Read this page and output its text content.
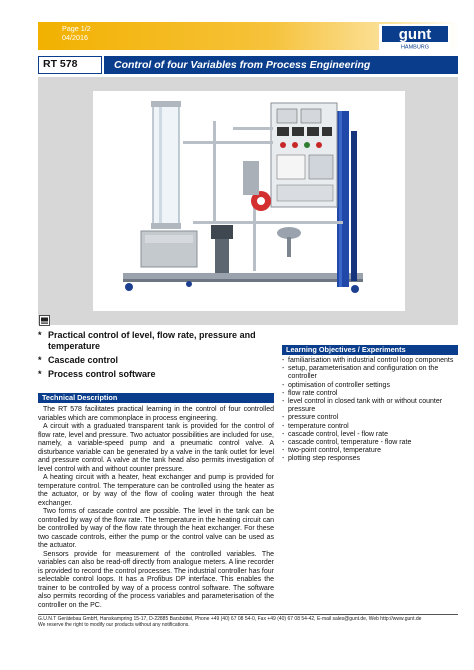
Page 1/2
04/2016	gunt
HAMBURG
RT 578	Control of four Variables from Process Engineering
* Practical control of level, flow rate, pressure and temperature
* Cascade control
* Process control software
Technical Description

The RT 578 facilitates practical learning in the control of four controlled variables which are commonplace in process engineering.

A circuit with a graduated transparent tank is provided for the control of flow rate, level and pressure. Two actuator possibilities are included for use, namely, a variable-speed pump and a pneumatic control valve. A disturbance variable can be generated by a valve in the tank outlet for level and pressure control. A valve at the tank head also permits investigation of level control with and without counter pressure.

A heating circuit with a heater, heat exchanger and pump is provided for temperature control. The temperature can be controlled using the heater as the actuator, or by way of the flow of cooling water through the heat exchanger.

Two forms of cascade control are possible. The level in the tank can be controlled by way of the flow rate. The temperature in the heating circuit can be controlled by way of the flow rate through the heat exchanger. For these two cascade controls, either the pump or the control valve can be used as the actuator.

Sensors provide for measurement of the controlled variables. The variables can also be read-off directly from analogue meters. A line recorder is provided to record the control processes. The industrial controller has four selectable control loops. It has a Profibus DP interface. This enables the trainer to be controlled by way of a process control software. The software also permits recording of the process variables and parameterisation of the controller on the PC.

Learning Objectives / Experiments
- familiarisation with industrial control loop components
- setup, parameterisation and configuration on the controller
- optimisation of controller settings
- flow rate control
- level control in closed tank with or without counter pressure
- pressure control
- temperature control
- cascade control, level - flow rate
- cascade control, temperature - flow rate
- two-point control, temperature
- plotting step responses
G.U.N.T Gerätebau GmbH, Hanskampring 15-17, D-22885 Barsbüttel, Phone +49 (40) 67 08 54-0, Fax +49 (40) 67 08 54-42, E-mail sales@gunt.de, Web http://www.gunt.de
We reserve the right to modify our products without any notifications.
